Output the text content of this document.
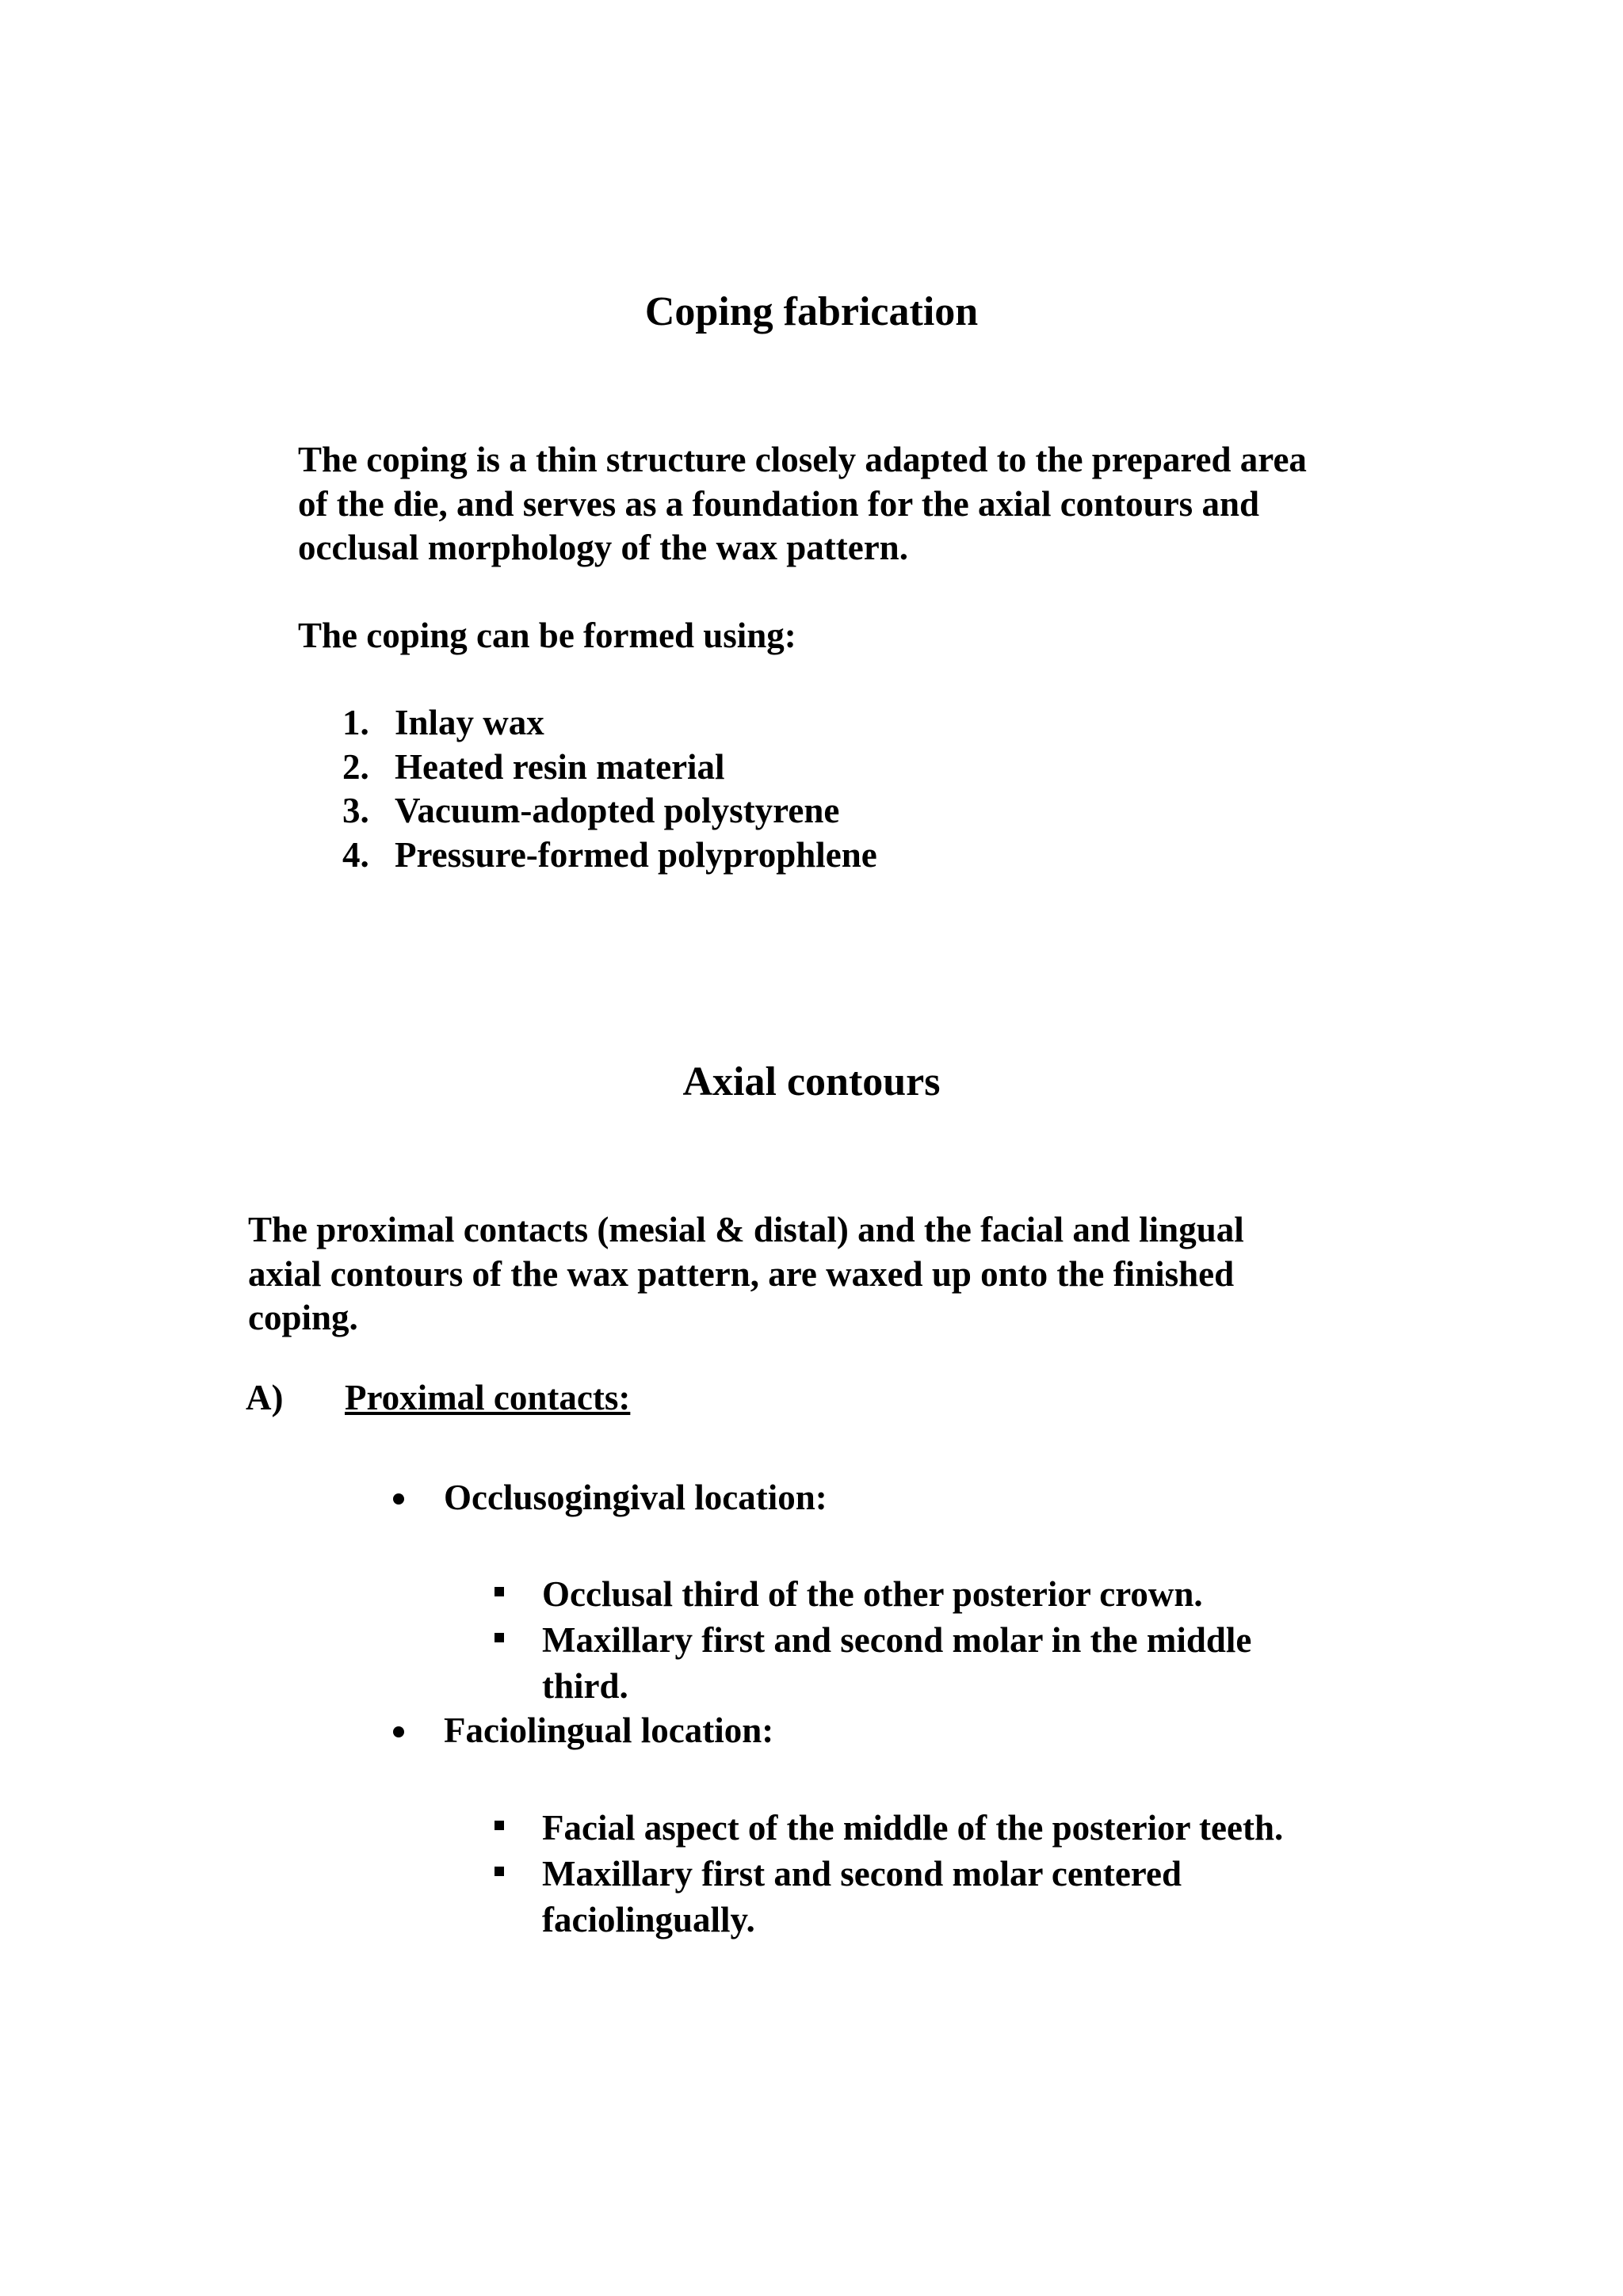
Coping fabrication

The coping is a thin structure closely adapted to the prepared area
of the die, and serves as a foundation for the axial contours and
occlusal morphology of the wax pattern.

The coping can be formed using:

1. Inlay wax
2. Heated resin material
3. Vacuum-adopted polystyrene
4. Pressure-formed polyprophlene
Axial contours

The proximal contacts (mesial & distal) and the facial and lingual
axial contours of the wax pattern, are waxed up onto the finished
coping.

A) Proximal contacts:
Occlusogingival location:
Occlusal third of the other posterior crown.
Maxillary first and second molar in the middle
third.
Faciolingual location:
Facial aspect of the middle of the posterior teeth.
Maxillary first and second molar centered
faciolingually.
